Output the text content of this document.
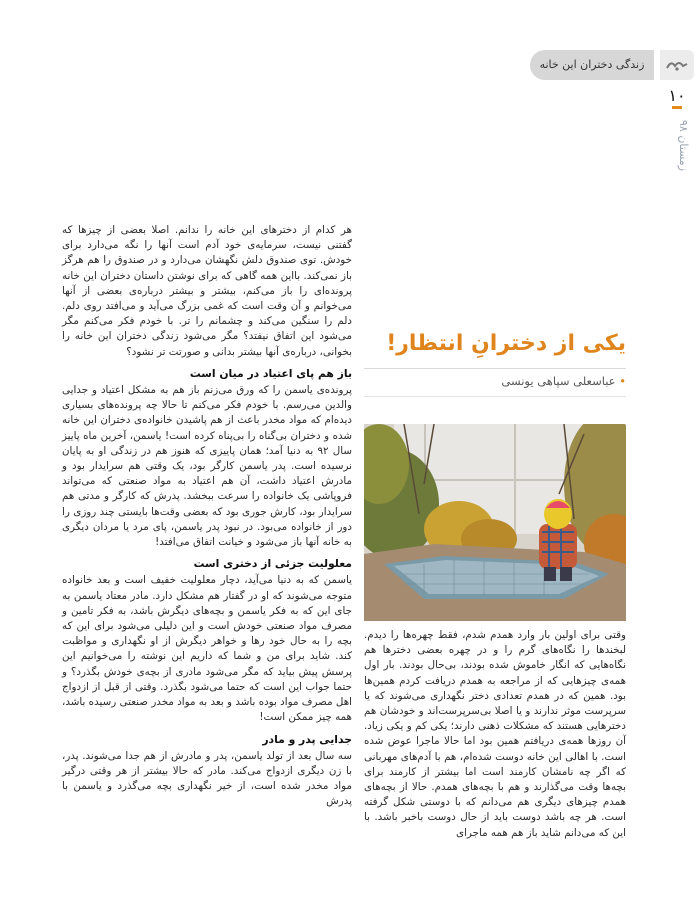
زندگی دختران این خانه
۱۰
زمستان ۹۸
یکی از دخترانِ انتظار!
• عباسعلی سپاهی یونسی

هر کدام از دخترهای این خانه را ندانم. اصلا بعضی از چیزها که گفتنی نیست، سرمایه‌ی خود آدم است آنها را نگه می‌دارد برای خودش. توی صندوق دلش نگهشان می‌دارد و در صندوق را هم هرگز باز نمی‌کند. بااین همه گاهی که برای نوشتن داستان دختران این خانه پرونده‌ای را باز می‌کنم، بیشتر و بیشتر درباره‌ی بعضی از آنها می‌خوانم و آن وقت است که غمی بزرگ می‌آید و می‌افتد روی دلم. دلم را سنگین می‌کند و چشمانم را تر. با خودم فکر می‌کنم مگر می‌شود این اتفاق نیفتد؟ مگر می‌شود زندگی دختران این خانه را بخوانی، درباره‌ی آنها بیشتر بدانی و صورتت تر نشود؟

باز هم پای اعتیاد در میان است

پرونده‌ی یاسمن را که ورق می‌زنم باز هم به مشکل اعتیاد و جدایی والدین می‌رسم. با خودم فکر می‌کنم تا حالا چه پرونده‌های بسیاری دیده‌ام که مواد مخدر باعث از هم پاشیدن خانواده‌ی دختران این خانه شده و دختران بی‌گناه را بی‌پناه کرده است! یاسمن، آخرین ماه پاییز سال ۹۲ به دنیا آمد؛ همان پاییزی که هنوز هم در زندگی او به پایان نرسیده است. پدر یاسمن کارگر بود، یک وقتی هم سرایدار بود و مادرش اعتیاد داشت، آن هم اعتیاد به مواد صنعتی که می‌تواند فروپاشی یک خانواده را سرعت ببخشد. پدرش که کارگر و مدتی هم سرایدار بود، کارش جوری بود که بعضی وقت‌ها بایستی چند روزی را دور از خانواده می‌بود. در نبود پدر یاسمن، پای مرد یا مردان دیگری به خانه آنها باز می‌شود و خیانت اتفاق می‌افتد!

معلولیت جزئی از دختری است

یاسمن که به دنیا می‌آید، دچار معلولیت خفیف است و بعد خانواده متوجه می‌شوند که او در گفتار هم مشکل دارد. مادر معتاد یاسمن به جای این که به فکر یاسمن و بچه‌های دیگرش باشد، به فکر تامین و مصرف مواد صنعتی خودش است و این دلیلی می‌شود برای این که بچه را به حال خود رها و خواهر دیگرش از او نگهداری و مواظبت کند. شاید برای من و شما که داریم این نوشته را می‌خوانیم این پرسش پیش بیاید که مگر می‌شود مادری از بچه‌ی خودش بگذرد؟ و حتما جواب این است که حتما می‌شود بگذرد. وقتی از قبل از ازدواج اهل مصرف مواد بوده باشد و بعد به مواد مخدر صنعتی رسیده باشد، همه چیز ممکن است!

جدایی پدر و مادر

سه سال بعد از تولد یاسمن، پدر و مادرش از هم جدا می‌شوند. پدر، با زن دیگری ازدواج می‌کند. مادر که حالا بیشتر از هر وقتی درگیر مواد مخدر شده است، از خیر نگهداری بچه می‌گذرد و یاسمن با پدرش

وقتی برای اولین بار وارد همدم شدم، فقط چهره‌ها را دیدم. لبخندها را نگاه‌های گرم را و در چهره بعضی دخترها هم نگاه‌هایی که انگار خاموش شده بودند، بی‌حال بودند. بار اول همه‌ی چیزهایی که از مراجعه به همدم دریافت کردم همین‌ها بود. همین که در همدم تعدادی دختر نگهداری می‌شوند که یا سرپرست موثر ندارند و یا اصلا بی‌سرپرست‌اند و خودشان هم دخترهایی هستند که مشکلات ذهنی دارند؛ یکی کم و یکی زیاد. آن روزها همه‌ی دریافتم همین بود اما حالا ماجرا عوض شده است. با اهالی این خانه دوست شده‌ام، هم با آدم‌های مهربانی که اگر چه نامشان کارمند است اما بیشتر از کارمند برای بچه‌ها وقت می‌گذارند و هم با بچه‌های همدم. حالا از بچه‌های همدم چیزهای دیگری هم می‌دانم که با دوستی شکل گرفته است. هر چه باشد دوست باید از حال دوست باخبر باشد. با این که می‌دانم شاید باز هم همه ماجرای
